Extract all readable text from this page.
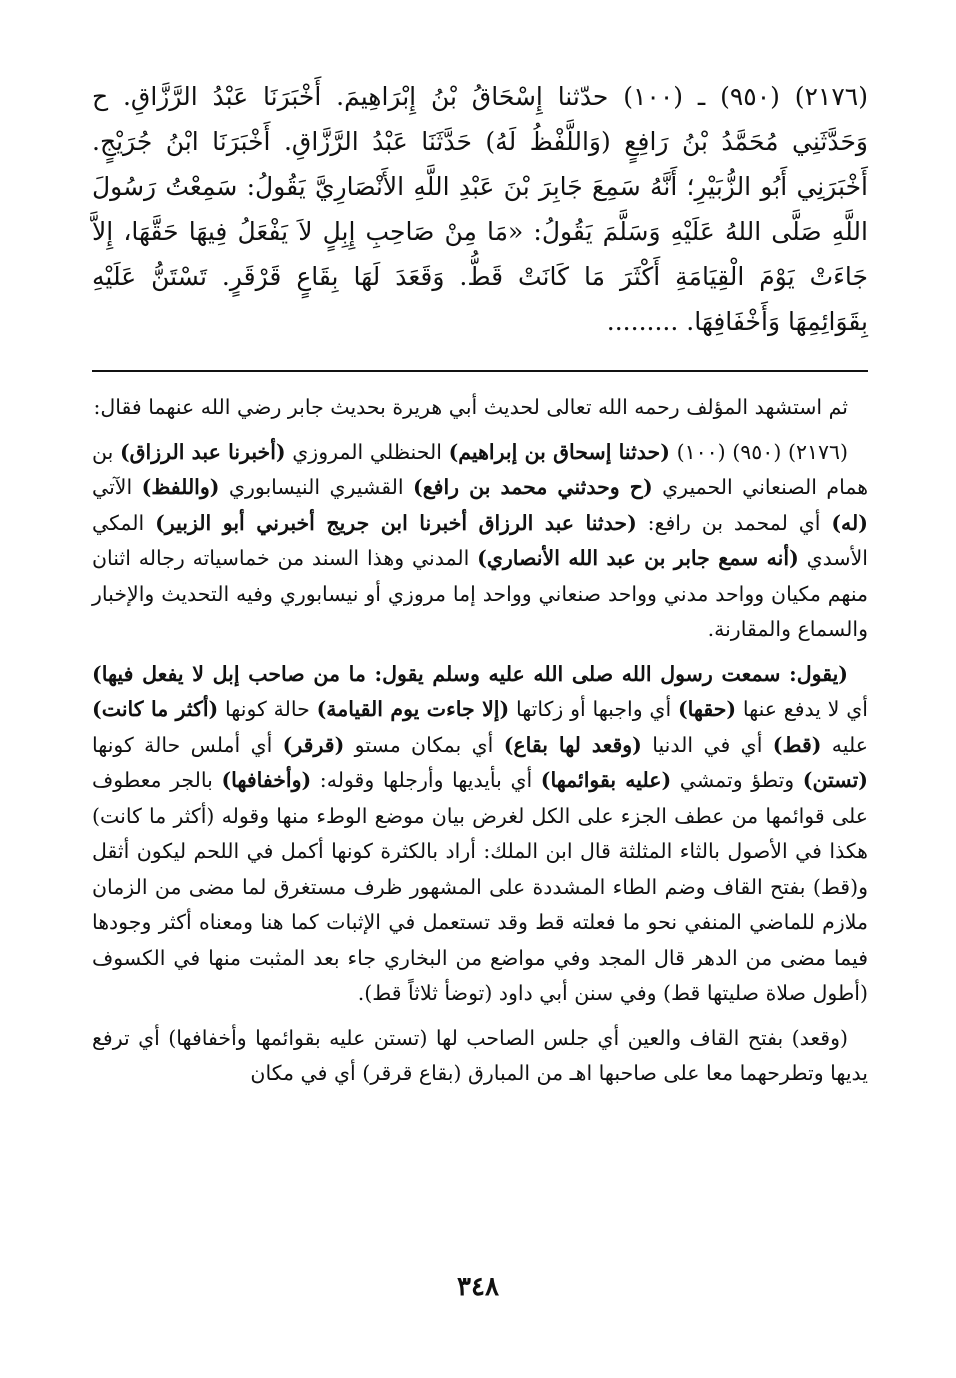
(٢١٧٦) (٩٥٠) ـ (١٠٠) حدّثنا إِسْحَاقُ بْنُ إِبْرَاهِيمَ. أَخْبَرَنَا عَبْدُ الرَّزَّاقِ. ح وَحَدَّثَنِي مُحَمَّدُ بْنُ رَافِعٍ (وَاللَّفْظُ لَهُ) حَدَّثَنَا عَبْدُ الرَّزَّاقِ. أَخْبَرَنَا ابْنُ جُرَيْجٍ. أَخْبَرَنِي أَبُو الزُّبَيْرِ؛ أَنَّهُ سَمِعَ جَابِرَ بْنَ عَبْدِ اللَّهِ الأَنْصَارِيَّ يَقُولُ: سَمِعْتُ رَسُولَ اللَّهِ صَلَّى اللهُ عَلَيْهِ وَسَلَّمَ يَقُولُ: «مَا مِنْ صَاحِبِ إِبِلٍ لاَ يَفْعَلُ فِيهَا حَقَّهَا، إِلاَّ جَاءَتْ يَوْمَ الْقِيَامَةِ أَكْثَرَ مَا كَانَتْ قَطُّ. وَقَعَدَ لَهَا بِقَاعٍ قَرْقَرٍ. تَسْتَنُّ عَلَيْهِ بِقَوَائِمِهَا وَأَخْفَافِهَا. .........

ثم استشهد المؤلف رحمه الله تعالى لحديث أبي هريرة بحديث جابر رضي الله عنهما فقال:

(٢١٧٦) (٩٥٠) (١٠٠) (حدثنا إسحاق بن إبراهيم) الحنظلي المروزي (أخبرنا عبد الرزاق) بن همام الصنعاني الحميري (ح وحدثني محمد بن رافع) القشيري النيسابوري (واللفظ) الآتي (له) أي لمحمد بن رافع: (حدثنا عبد الرزاق أخبرنا ابن جريج أخبرني أبو الزبير) المكي الأسدي (أنه سمع جابر بن عبد الله الأنصاري) المدني وهذا السند من خماسياته رجاله اثنان منهم مكيان وواحد مدني وواحد صنعاني وواحد إما مروزي أو نيسابوري وفيه التحديث والإخبار والسماع والمقارنة.

(يقول: سمعت رسول الله صلى الله عليه وسلم يقول: ما من صاحب إبل لا يفعل فيها) أي لا يدفع عنها (حقها) أي واجبها أو زكاتها (إلا جاءت يوم القيامة) حالة كونها (أكثر ما كانت) عليه (قط) أي في الدنيا (وقعد لها بقاع) أي بمكان مستو (قرقر) أي أملس حالة كونها (تستن) وتطؤ وتمشي (عليه بقوائمها) أي بأيديها وأرجلها وقوله: (وأخفافها) بالجر معطوف على قوائمها من عطف الجزء على الكل لغرض بيان موضع الوطء منها وقوله (أكثر ما كانت) هكذا في الأصول بالثاء المثلثة قال ابن الملك: أراد بالكثرة كونها أكمل في اللحم ليكون أثقل و(قط) بفتح القاف وضم الطاء المشددة على المشهور ظرف مستغرق لما مضى من الزمان ملازم للماضي المنفي نحو ما فعلته قط وقد تستعمل في الإثبات كما هنا ومعناه أكثر وجودها فيما مضى من الدهر قال المجد وفي مواضع من البخاري جاء بعد المثبت منها في الكسوف (أطول صلاة صليتها قط) وفي سنن أبي داود (توضأ ثلاثاً قط).

(وقعد) بفتح القاف والعين أي جلس الصاحب لها (تستن عليه بقوائمها وأخفافها) أي ترفع يديها وتطرحهما معا على صاحبها اهـ من المبارق (بقاع قرقر) أي في مكان

٣٤٨
